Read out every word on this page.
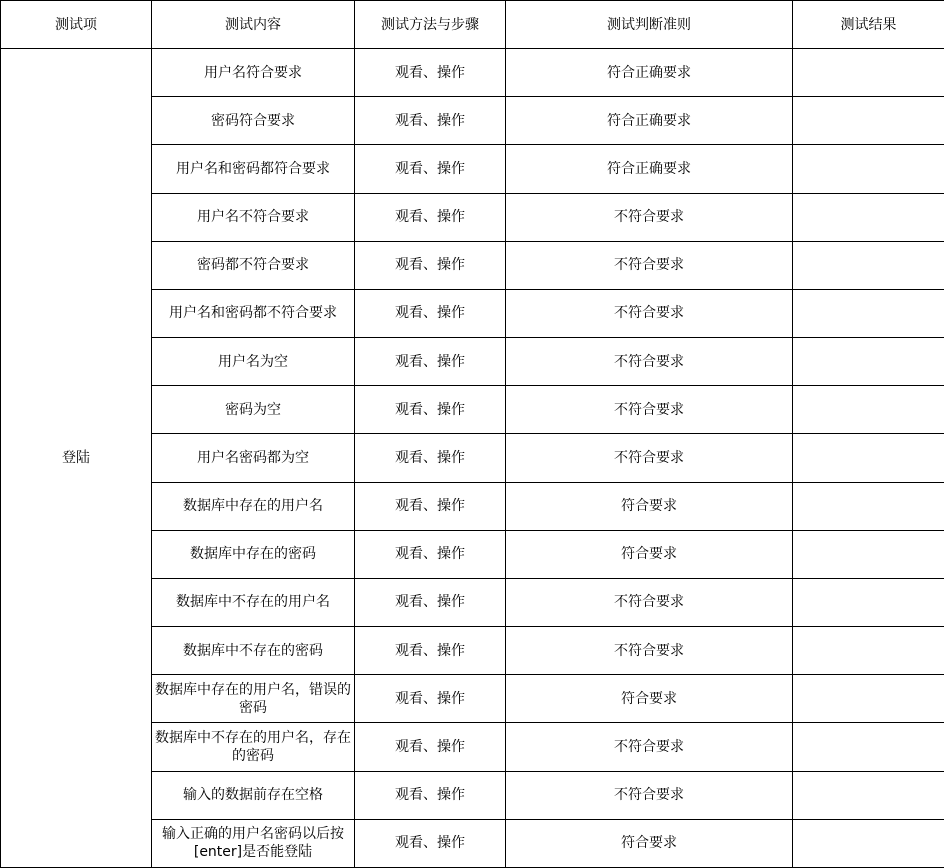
测试项	测试内容	测试方法与步骤	测试判断准则	测试结果
登陆	用户名符合要求	观看、操作	符合正确要求	
	密码符合要求	观看、操作	符合正确要求	
	用户名和密码都符合要求	观看、操作	符合正确要求	
	用户名不符合要求	观看、操作	不符合要求	
	密码都不符合要求	观看、操作	不符合要求	
	用户名和密码都不符合要求	观看、操作	不符合要求	
	用户名为空	观看、操作	不符合要求	
	密码为空	观看、操作	不符合要求	
	用户名密码都为空	观看、操作	不符合要求	
	数据库中存在的用户名	观看、操作	符合要求	
	数据库中存在的密码	观看、操作	符合要求	
	数据库中不存在的用户名	观看、操作	不符合要求	
	数据库中不存在的密码	观看、操作	不符合要求	
	数据库中存在的用户名，错误的密码	观看、操作	符合要求	
	数据库中不存在的用户名，存在的密码	观看、操作	不符合要求	
	输入的数据前存在空格	观看、操作	不符合要求	
	输入正确的用户名密码以后按[enter]是否能登陆	观看、操作	符合要求	
